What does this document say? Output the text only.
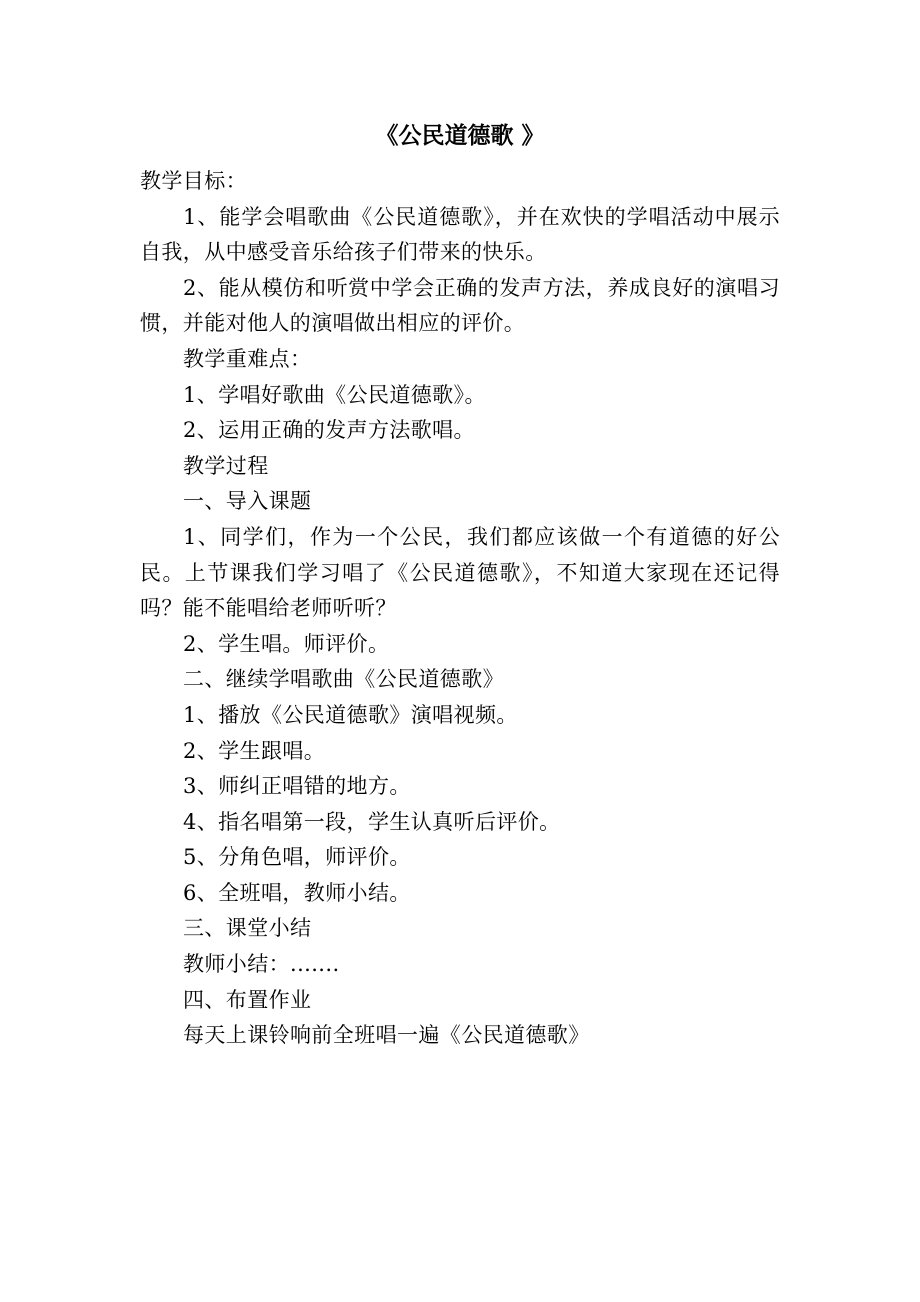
《公民道德歌 》

教学目标：

1、能学会唱歌曲《公民道德歌》，并在欢快的学唱活动中展示自我，从中感受音乐给孩子们带来的快乐。

2、能从模仿和听赏中学会正确的发声方法，养成良好的演唱习惯，并能对他人的演唱做出相应的评价。

教学重难点：

1、学唱好歌曲《公民道德歌》。

2、运用正确的发声方法歌唱。

教学过程

一、导入课题

1、同学们，作为一个公民，我们都应该做一个有道德的好公民。上节课我们学习唱了《公民道德歌》，不知道大家现在还记得吗？能不能唱给老师听听？

2、学生唱。师评价。

二、继续学唱歌曲《公民道德歌》

1、播放《公民道德歌》演唱视频。

2、学生跟唱。

3、师纠正唱错的地方。

4、指名唱第一段，学生认真听后评价。

5、分角色唱，师评价。

6、全班唱，教师小结。

三、课堂小结

教师小结：.......

四、布置作业

每天上课铃响前全班唱一遍《公民道德歌》
